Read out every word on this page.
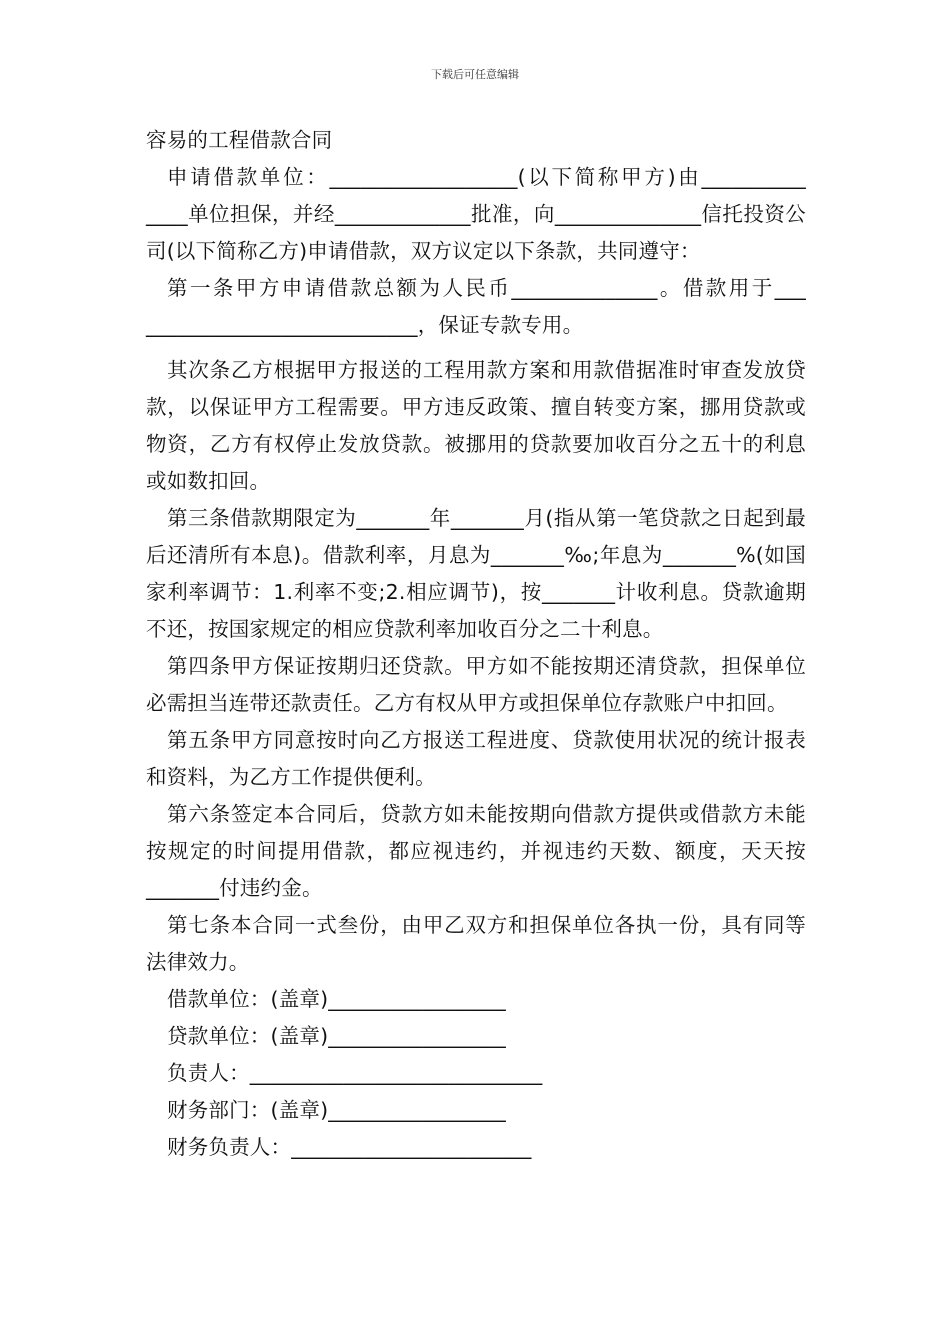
下载后可任意编辑

容易的工程借款合同

申请借款单位：__________________(以下简称甲方)由__________ ____单位担保，并经_____________批准，向______________信托投资公司(以下简称乙方)申请借款，双方议定以下条款，共同遵守：

第一条甲方申请借款总额为人民币______________。借款用于___ __________________________，保证专款专用。

其次条乙方根据甲方报送的工程用款方案和用款借据准时审查发放贷款，以保证甲方工程需要。甲方违反政策、擅自转变方案，挪用贷款或物资，乙方有权停止发放贷款。被挪用的贷款要加收百分之五十的利息或如数扣回。

第三条借款期限定为_______年_______月(指从第一笔贷款之日起到最后还清所有本息)。借款利率，月息为_______‰;年息为_______%(如国家利率调节：1.利率不变;2.相应调节)，按_______计收利息。贷款逾期不还，按国家规定的相应贷款利率加收百分之二十利息。

第四条甲方保证按期归还贷款。甲方如不能按期还清贷款，担保单位必需担当连带还款责任。乙方有权从甲方或担保单位存款账户中扣回。

第五条甲方同意按时向乙方报送工程进度、贷款使用状况的统计报表和资料，为乙方工作提供便利。

第六条签定本合同后，贷款方如未能按期向借款方提供或借款方未能按规定的时间提用借款，都应视违约，并视违约天数、额度，天天按_______付违约金。

第七条本合同一式叁份，由甲乙双方和担保单位各执一份，具有同等法律效力。

借款单位：(盖章)_________________

贷款单位：(盖章)_________________

负责人：____________________________

财务部门：(盖章)_________________

财务负责人：_______________________
